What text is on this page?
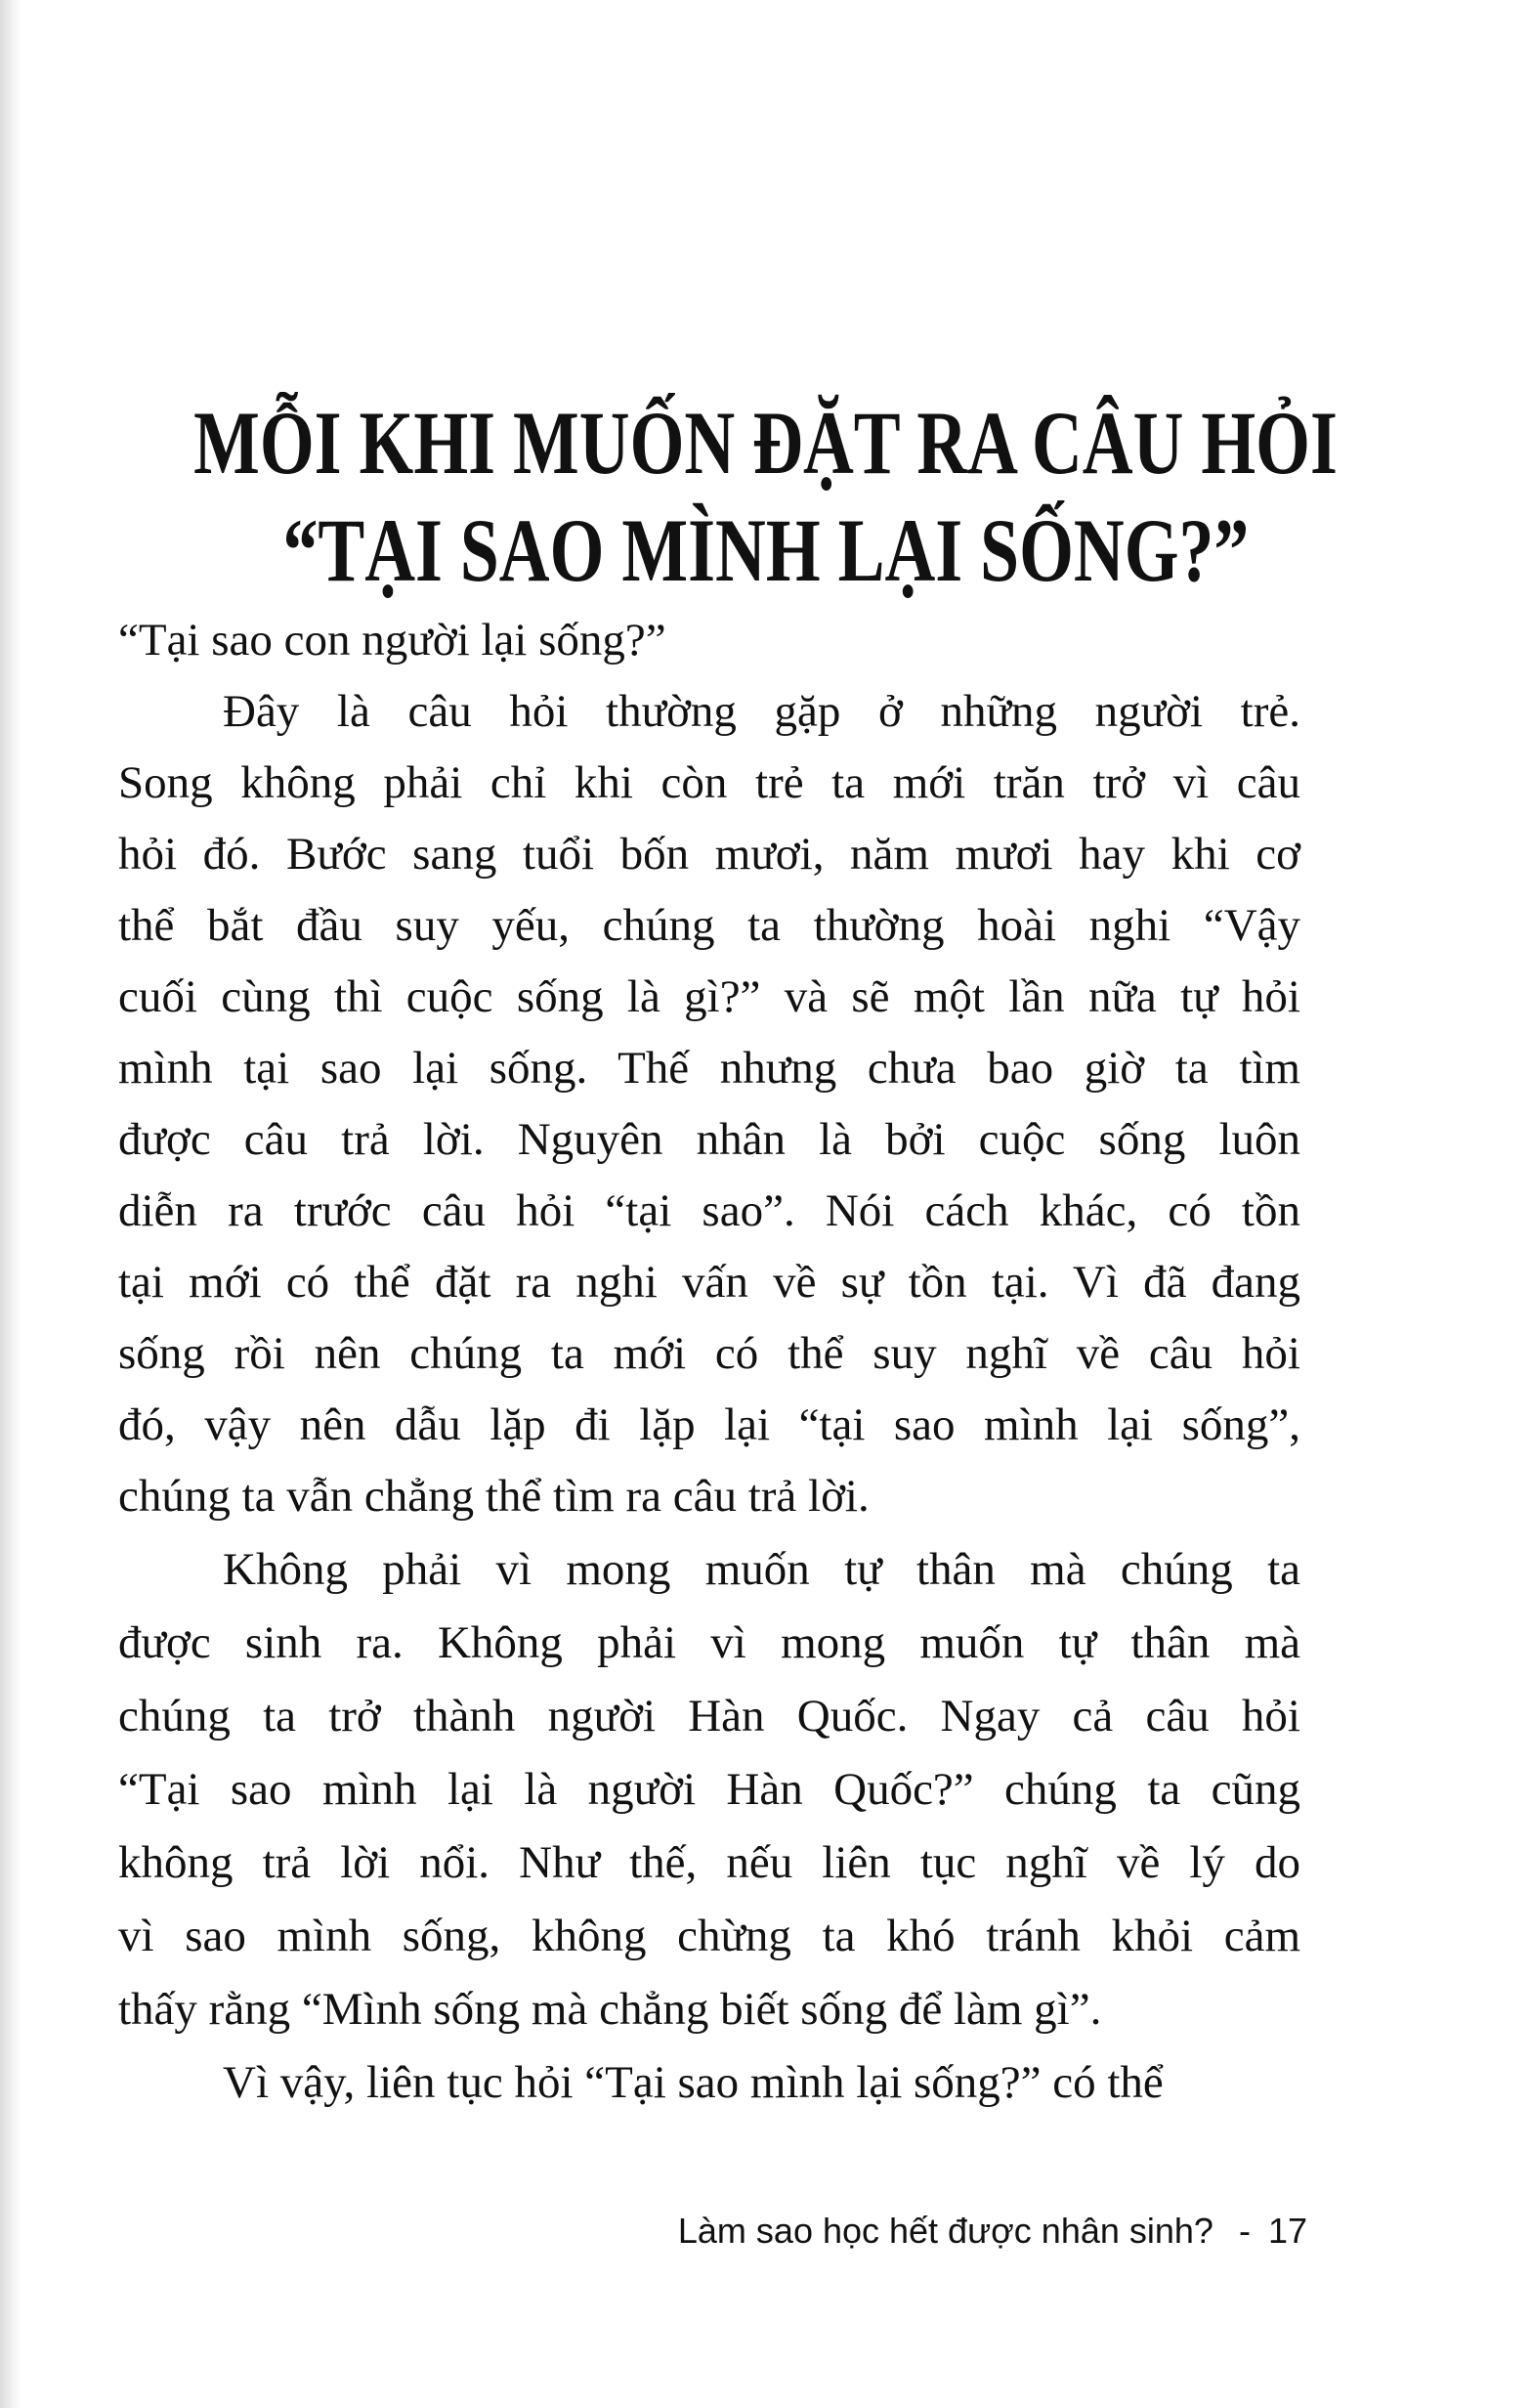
MỖI KHI MUỐN ĐẶT RA CÂU HỎI
“TẠI SAO MÌNH LẠI SỐNG?”
“Tại sao con người lại sống?”
Đây là câu hỏi thường gặp ở những người trẻ.
Song không phải chỉ khi còn trẻ ta mới trăn trở vì câu
hỏi đó. Bước sang tuổi bốn mươi, năm mươi hay khi cơ
thể bắt đầu suy yếu, chúng ta thường hoài nghi “Vậy
cuối cùng thì cuộc sống là gì?” và sẽ một lần nữa tự hỏi
mình tại sao lại sống. Thế nhưng chưa bao giờ ta tìm
được câu trả lời. Nguyên nhân là bởi cuộc sống luôn
diễn ra trước câu hỏi “tại sao”. Nói cách khác, có tồn
tại mới có thể đặt ra nghi vấn về sự tồn tại. Vì đã đang
sống rồi nên chúng ta mới có thể suy nghĩ về câu hỏi
đó, vậy nên dẫu lặp đi lặp lại “tại sao mình lại sống”,
chúng ta vẫn chẳng thể tìm ra câu trả lời.
Không phải vì mong muốn tự thân mà chúng ta
được sinh ra. Không phải vì mong muốn tự thân mà
chúng ta trở thành người Hàn Quốc. Ngay cả câu hỏi
“Tại sao mình lại là người Hàn Quốc?” chúng ta cũng
không trả lời nổi. Như thế, nếu liên tục nghĩ về lý do
vì sao mình sống, không chừng ta khó tránh khỏi cảm
thấy rằng “Mình sống mà chẳng biết sống để làm gì”.
Vì vậy, liên tục hỏi “Tại sao mình lại sống?” có thể
Làm sao học hết được nhân sinh? - 17
